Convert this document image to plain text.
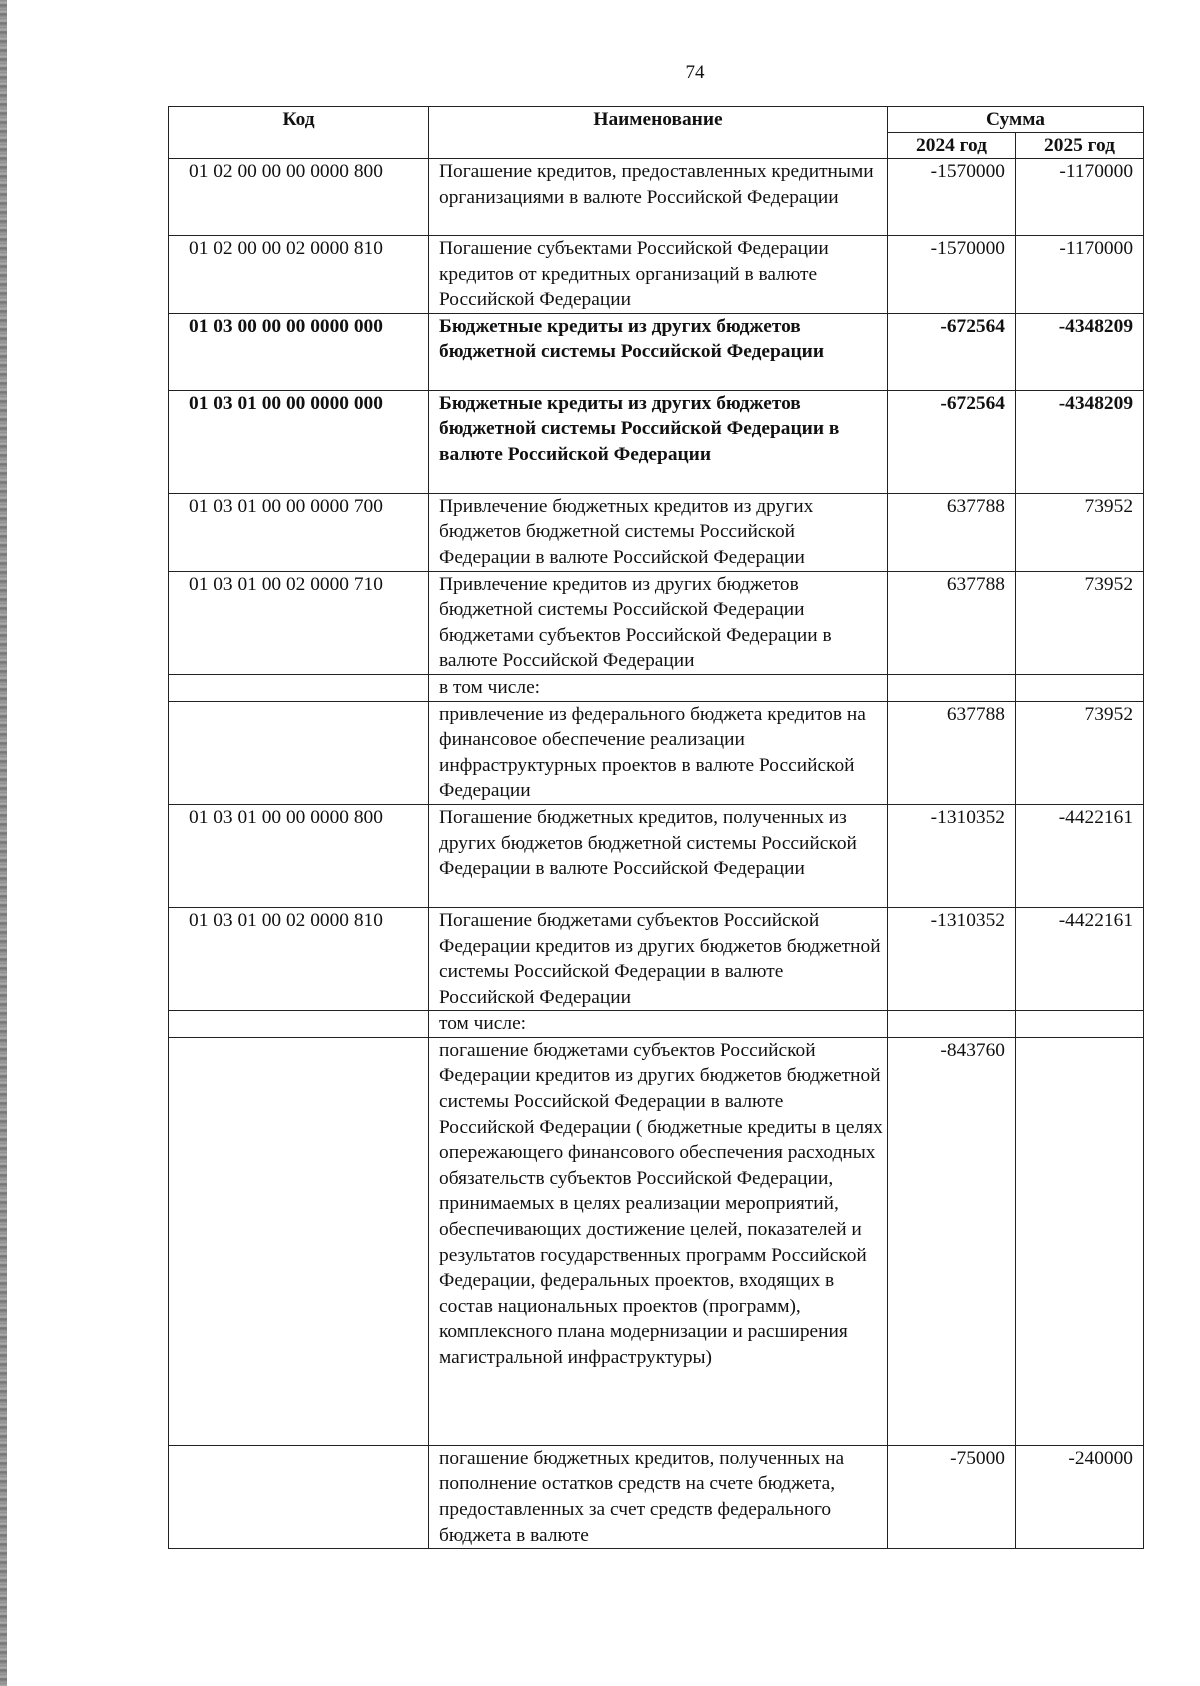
74
Код	Наименование	Сумма	
		2024 год	2025 год
01 02 00 00 00 0000 800	Погашение кредитов, предоставленных кредитными организациями в валюте Российской Федерации	-1570000	-1170000
01 02 00 00 02 0000 810	Погашение субъектами Российской Федерации кредитов от кредитных организаций в валюте Российской Федерации	-1570000	-1170000
01 03 00 00 00 0000 000	Бюджетные кредиты из других бюджетов бюджетной системы Российской Федерации	-672564	-4348209
01 03 01 00 00 0000 000	Бюджетные кредиты из других бюджетов бюджетной системы Российской Федерации в валюте Российской Федерации	-672564	-4348209
01 03 01 00 00 0000 700	Привлечение бюджетных кредитов из других бюджетов бюджетной системы Российской Федерации в валюте Российской Федерации	637788	73952
01 03 01 00 02 0000 710	Привлечение кредитов из других бюджетов бюджетной системы Российской Федерации бюджетами субъектов Российской Федерации в валюте Российской Федерации	637788	73952
	в том числе:		
	привлечение из федерального бюджета кредитов на финансовое обеспечение реализации инфраструктурных проектов в валюте Российской Федерации	637788	73952
01 03 01 00 00 0000 800	Погашение бюджетных кредитов, полученных из других бюджетов бюджетной системы Российской Федерации в валюте Российской Федерации	-1310352	-4422161
01 03 01 00 02 0000 810	Погашение бюджетами субъектов Российской Федерации кредитов из других бюджетов бюджетной системы Российской Федерации в валюте Российской Федерации	-1310352	-4422161
	том числе:		
	погашение бюджетами субъектов Российской Федерации кредитов из других бюджетов бюджетной системы Российской Федерации в валюте Российской Федерации ( бюджетные кредиты в целях опережающего финансового обеспечения расходных обязательств субъектов Российской Федерации, принимаемых в целях реализации мероприятий, обеспечивающих достижение целей, показателей и результатов государственных программ Российской Федерации, федеральных проектов, входящих в состав национальных проектов (программ), комплексного плана модернизации и расширения магистральной инфраструктуры)	-843760	
	погашение бюджетных кредитов, полученных на пополнение остатков средств на счете бюджета, предоставленных за счет средств федерального бюджета в валюте	-75000	-240000
